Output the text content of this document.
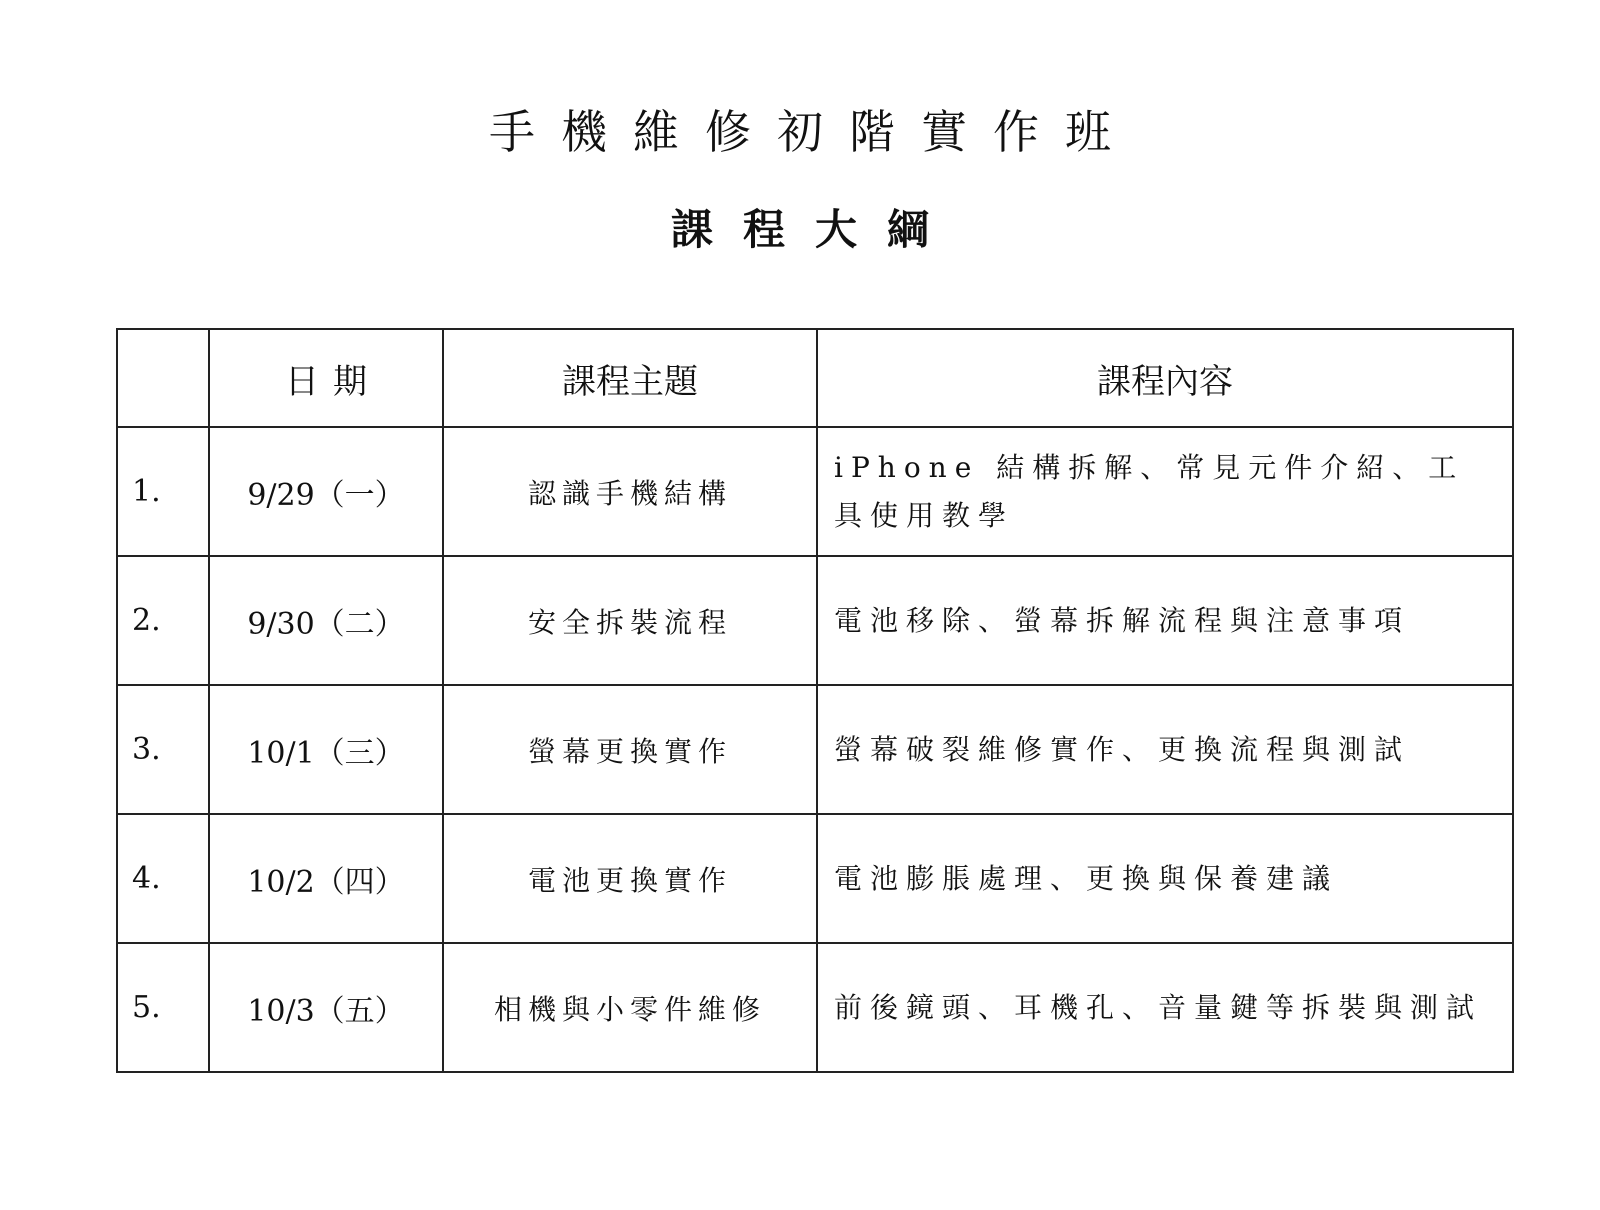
手機維修初階實作班
課程大綱
	日期	課程主題	課程內容
1.	9/29（一）	認識手機結構	iPhone 結構拆解、常見元件介紹、工具使用教學
2.	9/30（二）	安全拆裝流程	電池移除、螢幕拆解流程與注意事項
3.	10/1（三）	螢幕更換實作	螢幕破裂維修實作、更換流程與測試
4.	10/2（四）	電池更換實作	電池膨脹處理、更換與保養建議
5.	10/3（五）	相機與小零件維修	前後鏡頭、耳機孔、音量鍵等拆裝與測試
